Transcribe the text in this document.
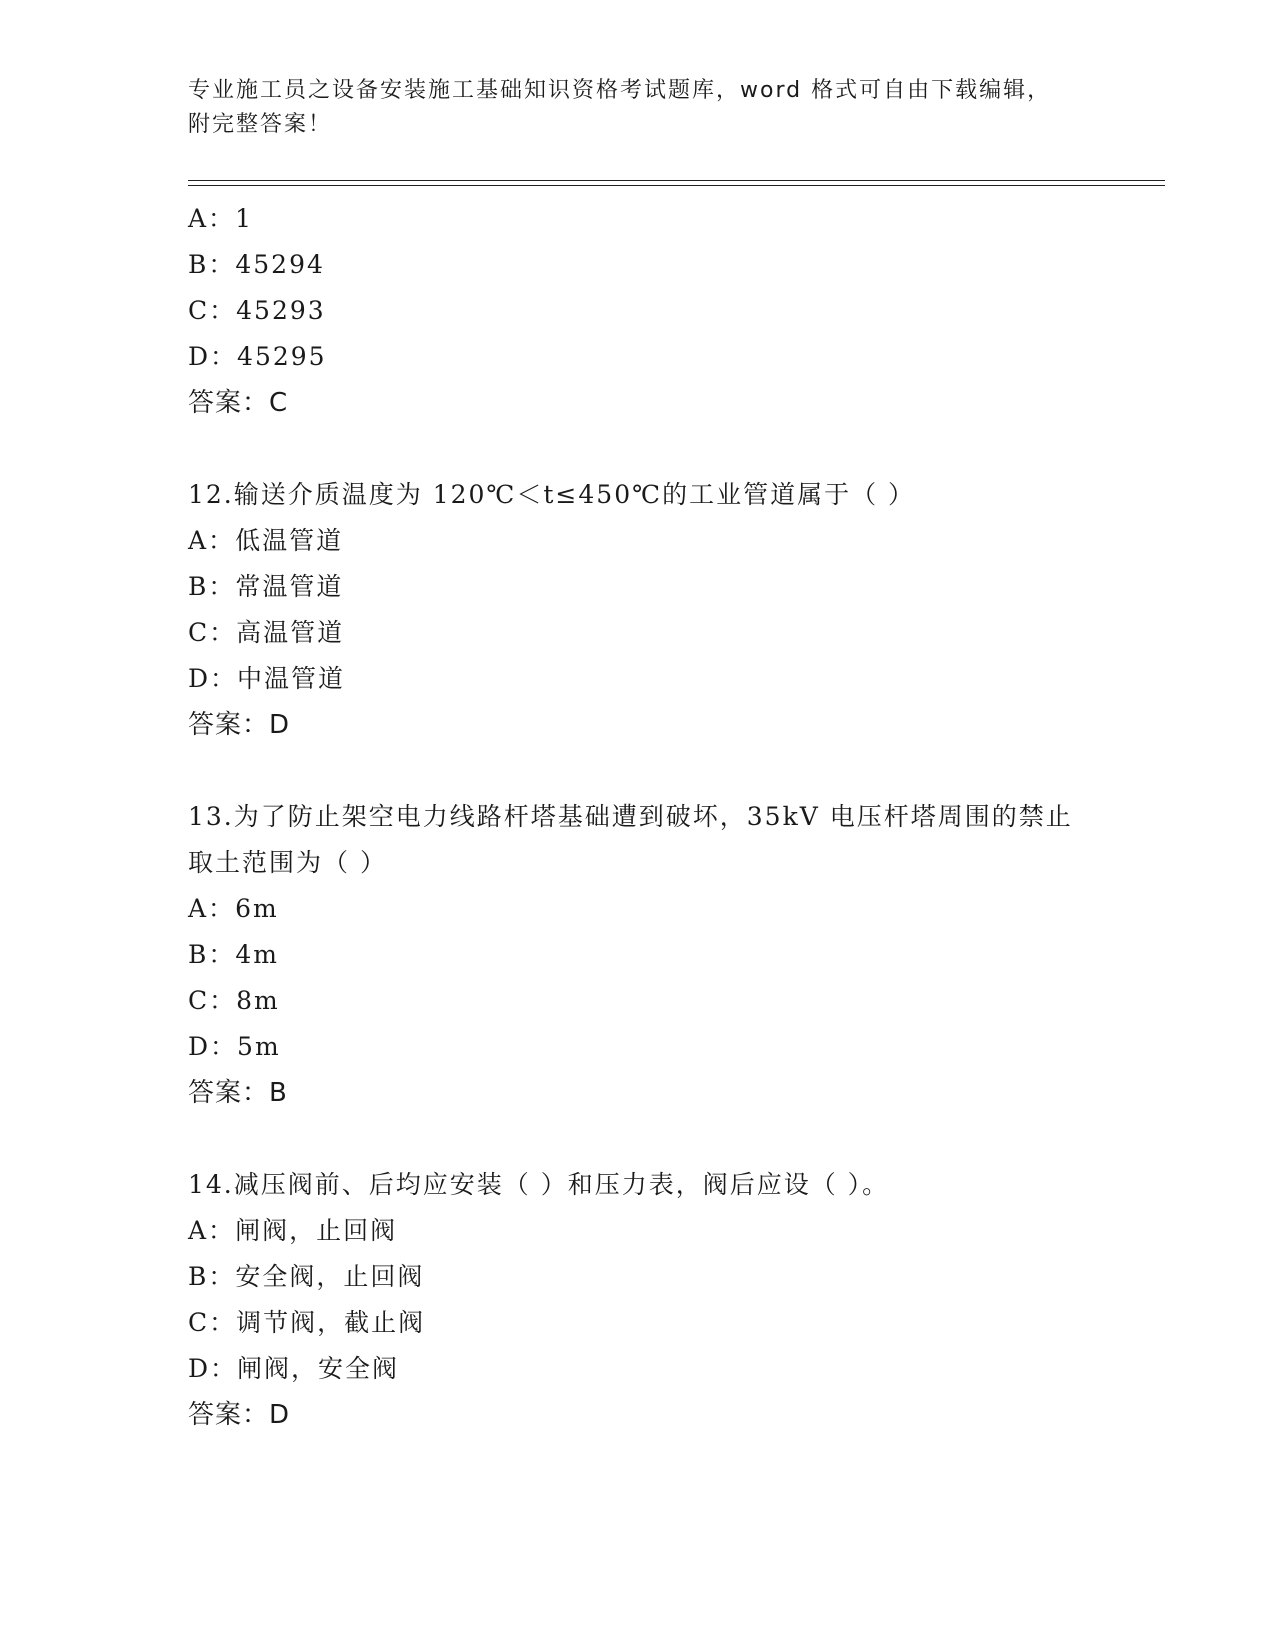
专业施工员之设备安装施工基础知识资格考试题库，word 格式可自由下载编辑，
附完整答案！
A：1
B：45294
C：45293
D：45295
答案：C
12.输送介质温度为 120℃＜t≤450℃的工业管道属于（ ）
A：低温管道
B：常温管道
C：高温管道
D：中温管道
答案：D
13.为了防止架空电力线路杆塔基础遭到破坏，35kV 电压杆塔周围的禁止取土范围为（ ）
A：6m
B：4m
C：8m
D：5m
答案：B
14.减压阀前、后均应安装（ ）和压力表，阀后应设（ ）。
A：闸阀，止回阀
B：安全阀，止回阀
C：调节阀，截止阀
D：闸阀，安全阀
答案：D
